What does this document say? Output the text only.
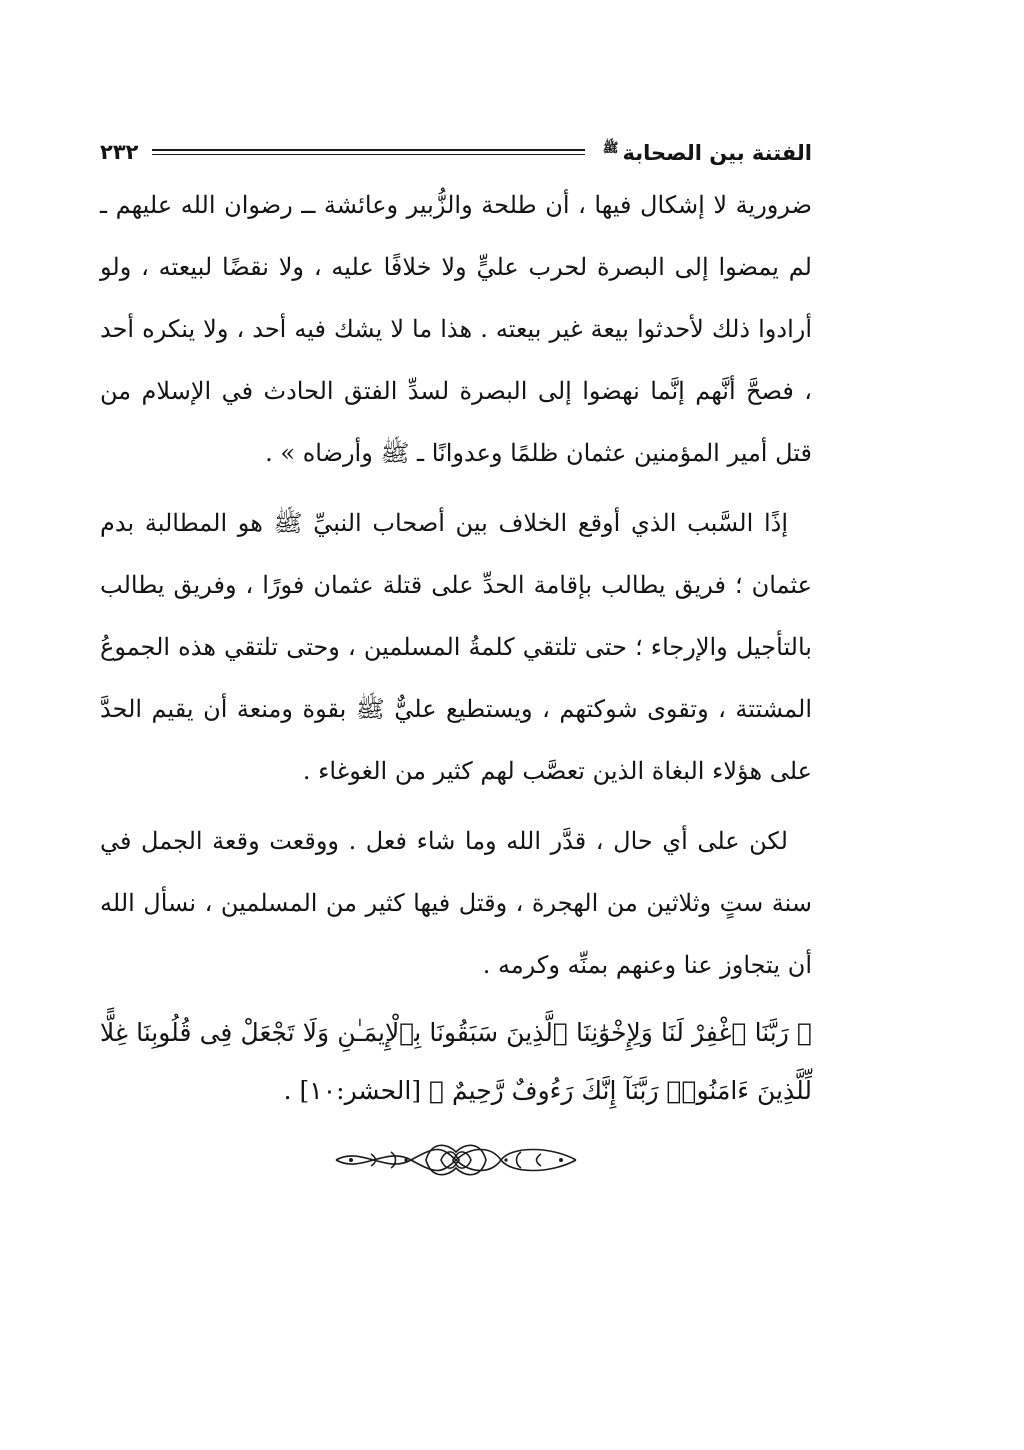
الفتنة بين الصحابة$^ﷺ$
٢٣٢

ضرورية لا إشكال فيها ، أن طلحة والزُّبير وعائشة ــ رضوان الله عليهم ـ لم يمضوا إلى البصرة لحرب عليٍّ ولا خلافًا عليه ، ولا نقضًا لبيعته ، ولو أرادوا ذلك لأحدثوا بيعة غير بيعته . هذا ما لا يشك فيه أحد ، ولا ينكره أحد ، فصحَّ أنَّهم إنَّما نهضوا إلى البصرة لسدِّ الفتق الحادث في الإسلام من قتل أمير المؤمنين عثمان ظلمًا وعدوانًا ـ ﷺ وأرضاه » .

إذًا السَّبب الذي أوقع الخلاف بين أصحاب النبيِّ ﷺ هو المطالبة بدم عثمان ؛ فريق يطالب بإقامة الحدِّ على قتلة عثمان فورًا ، وفريق يطالب بالتأجيل والإرجاء ؛ حتى تلتقي كلمةُ المسلمين ، وحتى تلتقي هذه الجموعُ المشتتة ، وتقوى شوكتهم ، ويستطيع عليٌّ ﷺ بقوة ومنعة أن يقيم الحدَّ على هؤلاء البغاة الذين تعصَّب لهم كثير من الغوغاء .

لكن على أي حال ، قدَّر الله وما شاء فعل . ووقعت وقعة الجمل في سنة ستٍ وثلاثين من الهجرة ، وقتل فيها كثير من المسلمين ، نسأل الله أن يتجاوز عنا وعنهم بمنِّه وكرمه .

﴿ رَبَّنَا ٱغْفِرْ لَنَا وَلِإِخْوَٰنِنَا ٱلَّذِينَ سَبَقُونَا بِٱلْإِيمَـٰنِ وَلَا تَجْعَلْ فِى قُلُوبِنَا غِلًّا لِّلَّذِينَ ءَامَنُوا۟ رَبَّنَآ إِنَّكَ رَءُوفٌ رَّحِيمٌ ﴾ [الحشر:١٠] .
